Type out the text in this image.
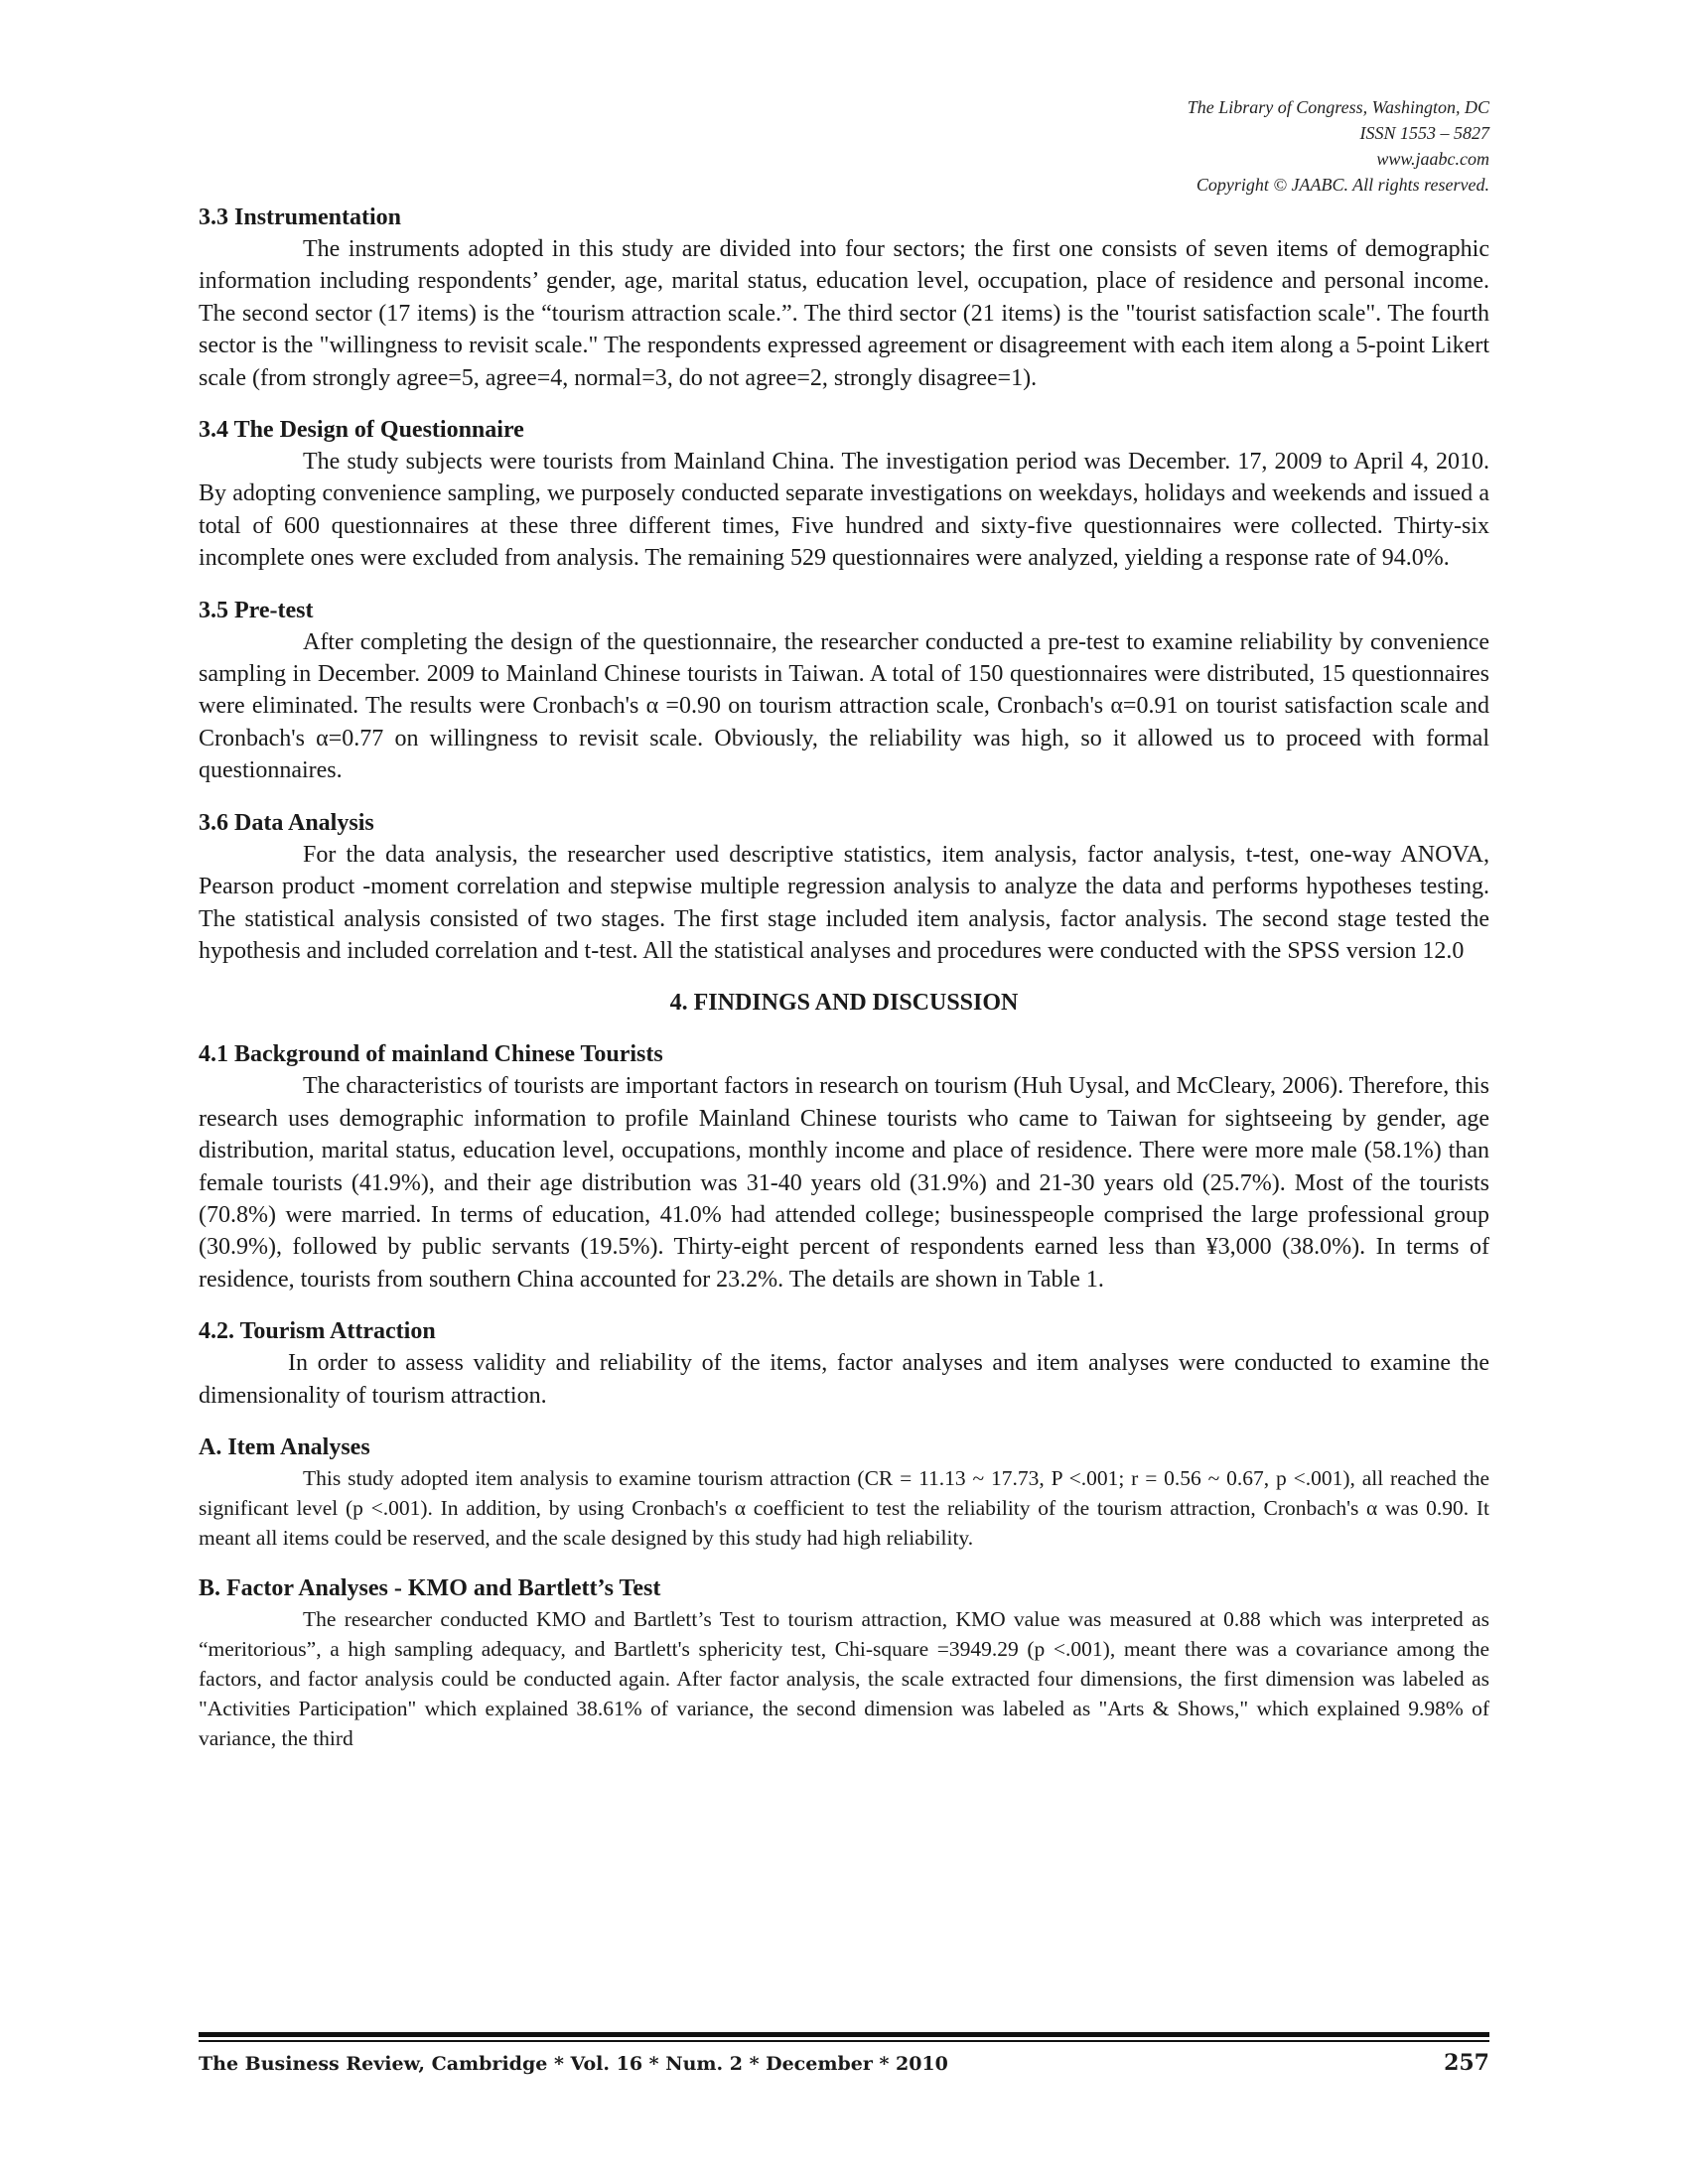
The Library of Congress, Washington, DC
ISSN 1553 – 5827
www.jaabc.com
Copyright © JAABC. All rights reserved.
3.3 Instrumentation

The instruments adopted in this study are divided into four sectors; the first one consists of seven items of demographic information including respondents’ gender, age, marital status, education level, occupation, place of residence and personal income. The second sector (17 items) is the “tourism attraction scale.”. The third sector (21 items) is the "tourist satisfaction scale". The fourth sector is the "willingness to revisit scale." The respondents expressed agreement or disagreement with each item along a 5-point Likert scale (from strongly agree=5, agree=4, normal=3, do not agree=2, strongly disagree=1).

3.4 The Design of Questionnaire

The study subjects were tourists from Mainland China. The investigation period was December. 17, 2009 to April 4, 2010. By adopting convenience sampling, we purposely conducted separate investigations on weekdays, holidays and weekends and issued a total of 600 questionnaires at these three different times, Five hundred and sixty-five questionnaires were collected. Thirty-six incomplete ones were excluded from analysis. The remaining 529 questionnaires were analyzed, yielding a response rate of 94.0%.

3.5 Pre-test

After completing the design of the questionnaire, the researcher conducted a pre-test to examine reliability by convenience sampling in December. 2009 to Mainland Chinese tourists in Taiwan. A total of 150 questionnaires were distributed, 15 questionnaires were eliminated. The results were Cronbach's α =0.90 on tourism attraction scale, Cronbach's α=0.91 on tourist satisfaction scale and Cronbach's α=0.77 on willingness to revisit scale. Obviously, the reliability was high, so it allowed us to proceed with formal questionnaires.

3.6 Data Analysis

For the data analysis, the researcher used descriptive statistics, item analysis, factor analysis, t-test, one-way ANOVA, Pearson product -moment correlation and stepwise multiple regression analysis to analyze the data and performs hypotheses testing. The statistical analysis consisted of two stages. The first stage included item analysis, factor analysis. The second stage tested the hypothesis and included correlation and t-test. All the statistical analyses and procedures were conducted with the SPSS version 12.0

4. FINDINGS AND DISCUSSION
4.1 Background of mainland Chinese Tourists

The characteristics of tourists are important factors in research on tourism (Huh Uysal, and McCleary, 2006). Therefore, this research uses demographic information to profile Mainland Chinese tourists who came to Taiwan for sightseeing by gender, age distribution, marital status, education level, occupations, monthly income and place of residence. There were more male (58.1%) than female tourists (41.9%), and their age distribution was 31-40 years old (31.9%) and 21-30 years old (25.7%). Most of the tourists (70.8%) were married. In terms of education, 41.0% had attended college; businesspeople comprised the large professional group (30.9%), followed by public servants (19.5%). Thirty-eight percent of respondents earned less than ¥3,000 (38.0%). In terms of residence, tourists from southern China accounted for 23.2%. The details are shown in Table 1.

4.2. Tourism Attraction

In order to assess validity and reliability of the items, factor analyses and item analyses were conducted to examine the dimensionality of tourism attraction.

A. Item Analyses

This study adopted item analysis to examine tourism attraction (CR = 11.13 ~ 17.73, P <.001; r = 0.56 ~ 0.67, p <.001), all reached the significant level (p <.001). In addition, by using Cronbach's α coefficient to test the reliability of the tourism attraction, Cronbach's α was 0.90. It meant all items could be reserved, and the scale designed by this study had high reliability.

B. Factor Analyses - KMO and Bartlett’s Test

The researcher conducted KMO and Bartlett’s Test to tourism attraction, KMO value was measured at 0.88 which was interpreted as “meritorious”, a high sampling adequacy, and Bartlett's sphericity test, Chi-square =3949.29 (p <.001), meant there was a covariance among the factors, and factor analysis could be conducted again. After factor analysis, the scale extracted four dimensions, the first dimension was labeled as "Activities Participation" which explained 38.61% of variance, the second dimension was labeled as "Arts & Shows," which explained 9.98% of variance, the third

The Business Review, Cambridge * Vol. 16 * Num. 2 * December * 2010	257
